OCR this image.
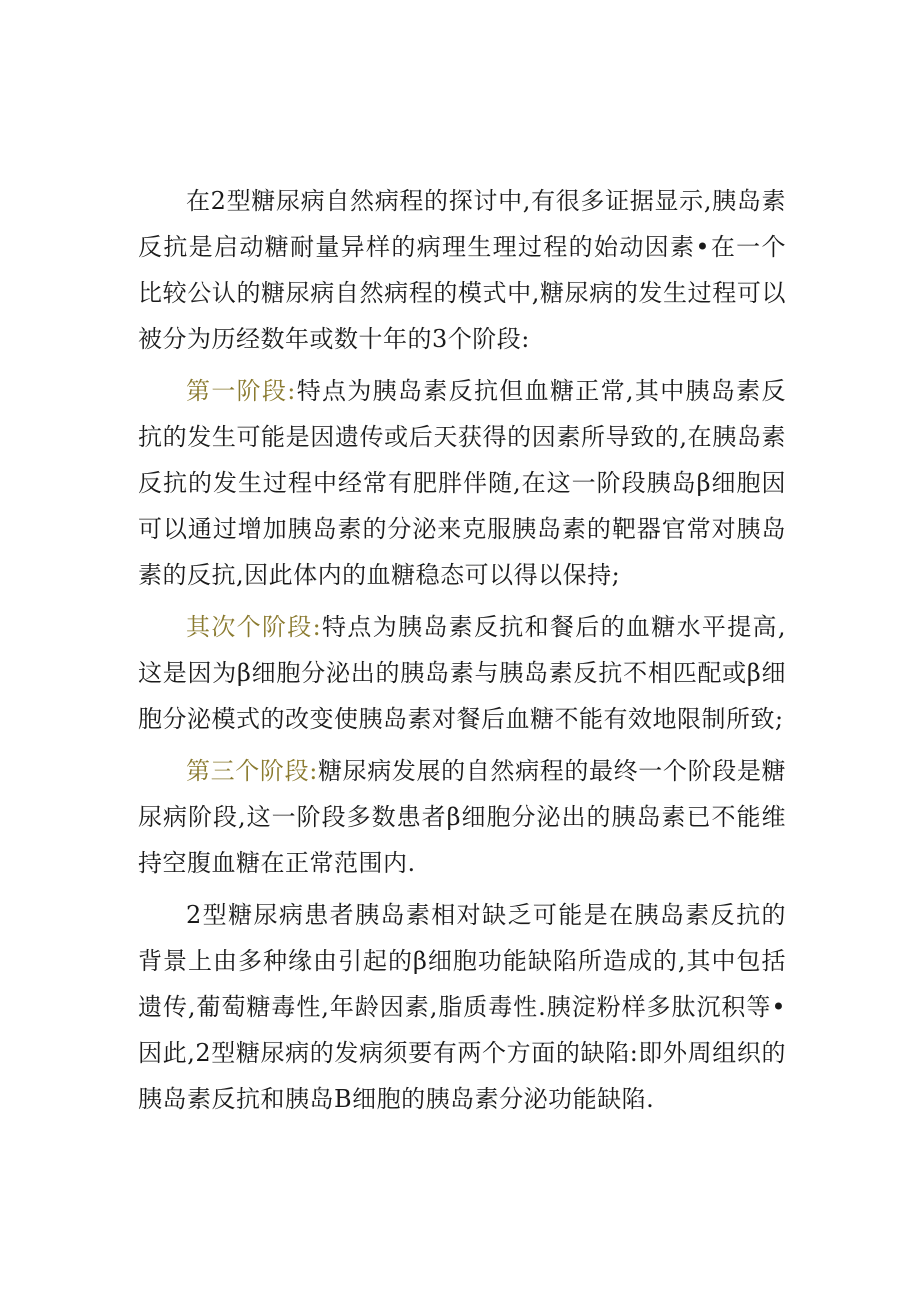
在2型糖尿病自然病程的探讨中,有很多证据显示,胰岛素反抗是启动糖耐量异样的病理生理过程的始动因素•在一个比较公认的糖尿病自然病程的模式中,糖尿病的发生过程可以被分为历经数年或数十年的3个阶段:

第一阶段:特点为胰岛素反抗但血糖正常,其中胰岛素反抗的发生可能是因遗传或后天获得的因素所导致的,在胰岛素反抗的发生过程中经常有肥胖伴随,在这一阶段胰岛β细胞因可以通过增加胰岛素的分泌来克服胰岛素的靶器官常对胰岛素的反抗,因此体内的血糖稳态可以得以保持;

其次个阶段:特点为胰岛素反抗和餐后的血糖水平提高,这是因为β细胞分泌出的胰岛素与胰岛素反抗不相匹配或β细胞分泌模式的改变使胰岛素对餐后血糖不能有效地限制所致;

第三个阶段:糖尿病发展的自然病程的最终一个阶段是糖尿病阶段,这一阶段多数患者β细胞分泌出的胰岛素已不能维持空腹血糖在正常范围内.

2型糖尿病患者胰岛素相对缺乏可能是在胰岛素反抗的背景上由多种缘由引起的β细胞功能缺陷所造成的,其中包括遗传,葡萄糖毒性,年龄因素,脂质毒性.胰淀粉样多肽沉积等•因此,2型糖尿病的发病须要有两个方面的缺陷:即外周组织的胰岛素反抗和胰岛B细胞的胰岛素分泌功能缺陷.
